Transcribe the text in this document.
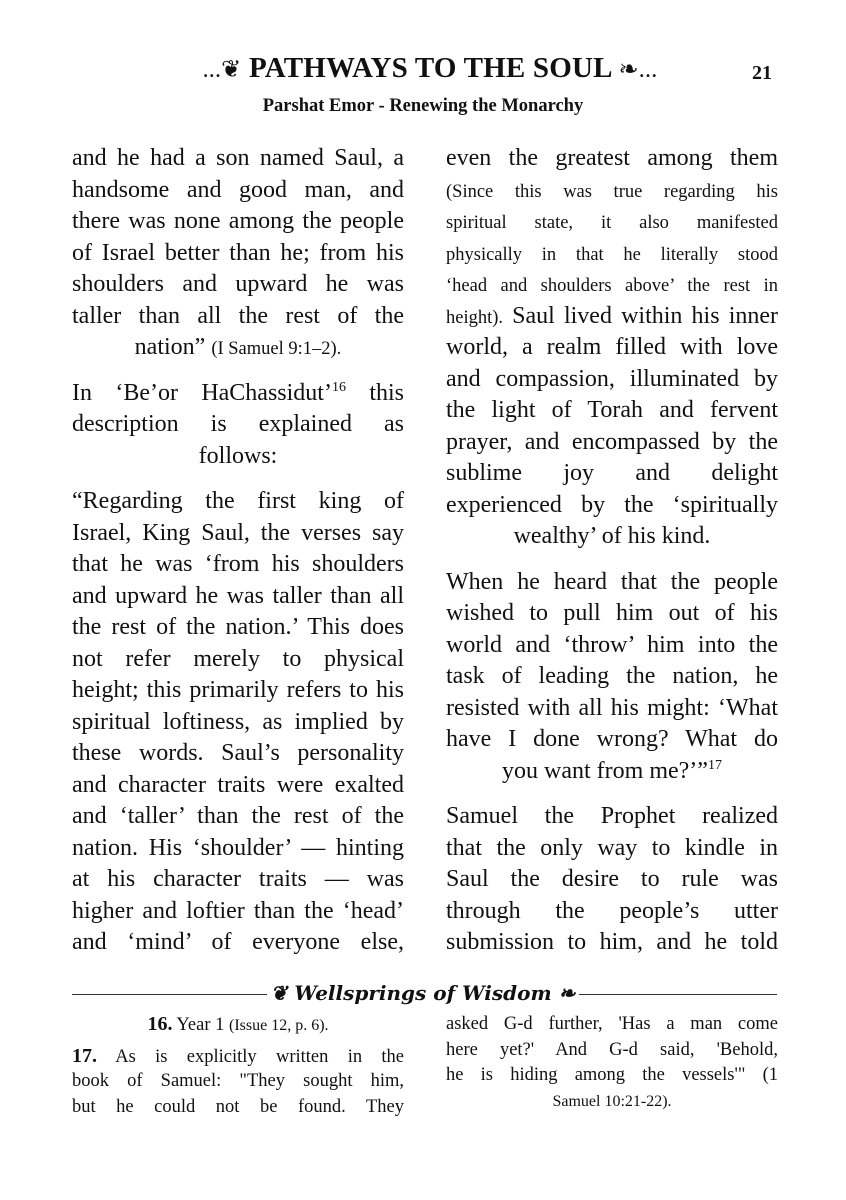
...❦ PATHWAYS TO THE SOUL ❧...	21
Parshat Emor - Renewing the Monarchy
and he had a son named Saul, a
handsome and good man, and
there was none among the people
of Israel better than he; from his
shoulders and upward he was
taller than all the rest of the
nation” (I Samuel 9:1–2).
In ‘Be’or HaChassidut’$^{16}$ this
description is explained as
follows:
“Regarding the first king of
Israel, King Saul, the verses say
that he was ‘from his shoulders
and upward he was taller than all
the rest of the nation.’ This does
not refer merely to physical
height; this primarily refers to his
spiritual loftiness, as implied by
these words. Saul’s personality
and character traits were exalted
and ‘taller’ than the rest of the
nation. His ‘shoulder’ — hinting
at his character traits — was
higher and loftier than the ‘head’
and ‘mind’ of everyone else,
even the greatest among them
(Since this was true regarding his
spiritual state, it also manifested
physically in that he literally stood
‘head and shoulders above’ the rest in
height). Saul lived within his inner
world, a realm filled with love
and compassion, illuminated by
the light of Torah and fervent
prayer, and encompassed by the
sublime joy and delight
experienced by the ‘spiritually
wealthy’ of his kind.
When he heard that the people
wished to pull him out of his
world and ‘throw’ him into the
task of leading the nation, he
resisted with all his might: ‘What
have I done wrong? What do
you want from me?’”$^{17}$
Samuel the Prophet realized
that the only way to kindle in
Saul the desire to rule was
through the people’s utter
submission to him, and he told
❦ Wellsprings of Wisdom ❧
16. Year 1 (Issue 12, p. 6).
17. As is explicitly written in the
book of Samuel: "They sought him,
but he could not be found. They
asked G-d further, 'Has a man come
here yet?' And G-d said, 'Behold,
he is hiding among the vessels'" (1
Samuel 10:21-22).
